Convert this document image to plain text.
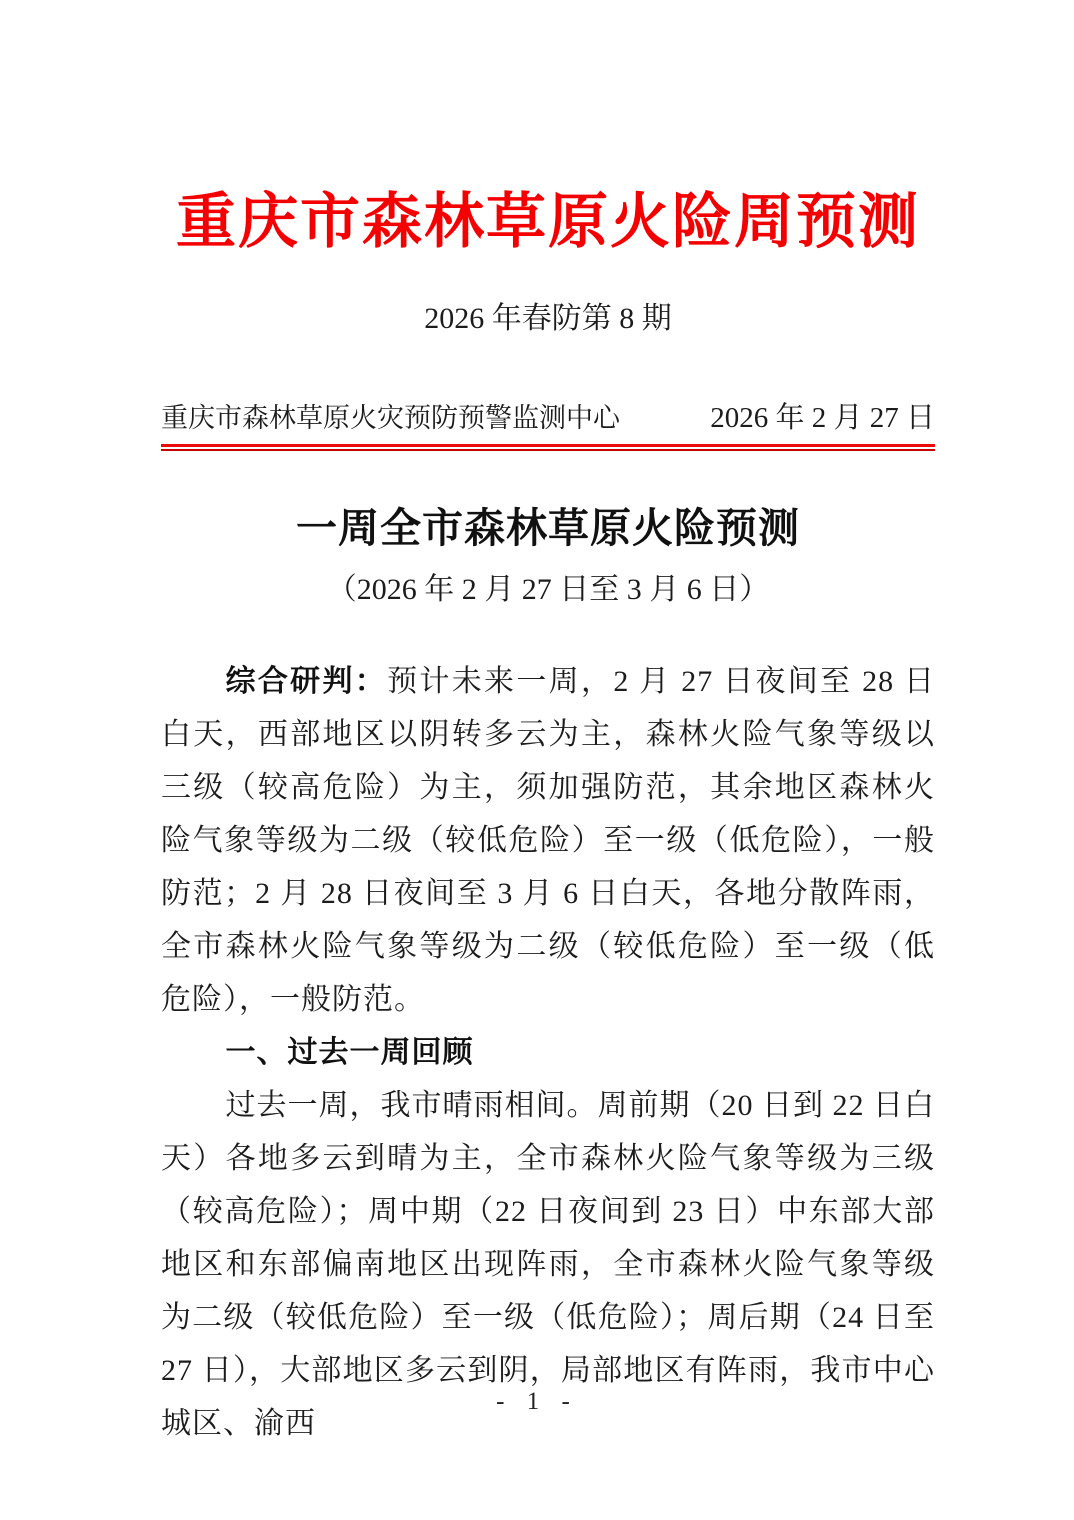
重庆市森林草原火险周预测
2026 年春防第 8 期
重庆市森林草原火灾预防预警监测中心	2026 年 2 月 27 日
一周全市森林草原火险预测
（2026 年 2 月 27 日至 3 月 6 日）

综合研判：预计未来一周，2 月 27 日夜间至 28 日白天，西部地区以阴转多云为主，森林火险气象等级以三级（较高危险）为主，须加强防范，其余地区森林火险气象等级为二级（较低危险）至一级（低危险），一般防范；2 月 28 日夜间至 3 月 6 日白天，各地分散阵雨，全市森林火险气象等级为二级（较低危险）至一级（低危险），一般防范。

一、过去一周回顾

过去一周，我市晴雨相间。周前期（20 日到 22 日白天）各地多云到晴为主，全市森林火险气象等级为三级（较高危险）；周中期（22 日夜间到 23 日）中东部大部地区和东部偏南地区出现阵雨，全市森林火险气象等级为二级（较低危险）至一级（低危险）；周后期（24 日至 27 日），大部地区多云到阴，局部地区有阵雨，我市中心城区、渝西

- 1 -
